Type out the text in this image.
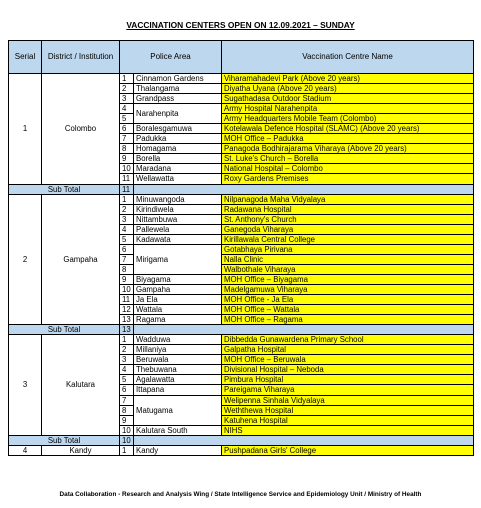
VACCINATION CENTERS OPEN ON 12.09.2021 – SUNDAY
Serial	District / Institution	Police Area		Vaccination Centre Name
1	Colombo	1	Cinnamon Gardens	Viharamahadevi Park (Above 20 years)
		2	Thalangama	Diyatha Uyana (Above 20 years)
		3	Grandpass	Sugathadasa Outdoor Stadium
		4	Narahenpita	Army Hospital Narahenpita
		5		Army Headquarters Mobile Team (Colombo)
		6	Boralesgamuwa	Kotelawala Defence Hospital (SLAMC) (Above 20 years)
		7	Padukka	MOH Office – Padukka
		8	Homagama	Panagoda Bodhirajarama Viharaya (Above 20 years)
		9	Borella	St. Luke's Church – Borella
		10	Maradana	National Hospital – Colombo
		11	Wellawatta	Roxy Gardens Premises
Sub Total		11		
2	Gampaha	1	Minuwangoda	Nilpanagoda Maha Vidyalaya
		2	Kirindiwela	Radawana Hospital
		3	Nittambuwa	St. Anthony's Church
		4	Pallewela	Ganegoda Viharaya
		5	Kadawata	Kirillawala Central College
		6	Mirigama	Gotabhaya Pirivana
		7		Nalla Clinic
		8		Walbothale Viharaya
		9	Biyagama	MOH Office – Biyagama
		10	Gampaha	Madelgamuwa Viharaya
		11	Ja Ela	MOH Office - Ja Ela
		12	Wattala	MOH Office – Wattala
		13	Ragama	MOH Office – Ragama
Sub Total		13		
3	Kalutara	1	Wadduwa	Dibbedda Gunawardena Primary School
		2	Millaniya	Galpatha Hospital
		3	Beruwala	MOH Office – Beruwala
		4	Thebuwana	Divisional Hospital – Neboda
		5	Agalawatta	Pimbura Hospital
		6	Ittapana	Pareigama Viharaya
		7	Matugama	Welipenna Sinhala Vidyalaya
		8		Weththewa Hospital
		9		Katuhena Hospital
		10	Kalutara South	NIHS
Sub Total		10		
4	Kandy	1	Kandy	Pushpadana Girls' College
Data Collaboration - Research and Analysis Wing / State Intelligence Service and Epidemiology Unit / Ministry of Health
